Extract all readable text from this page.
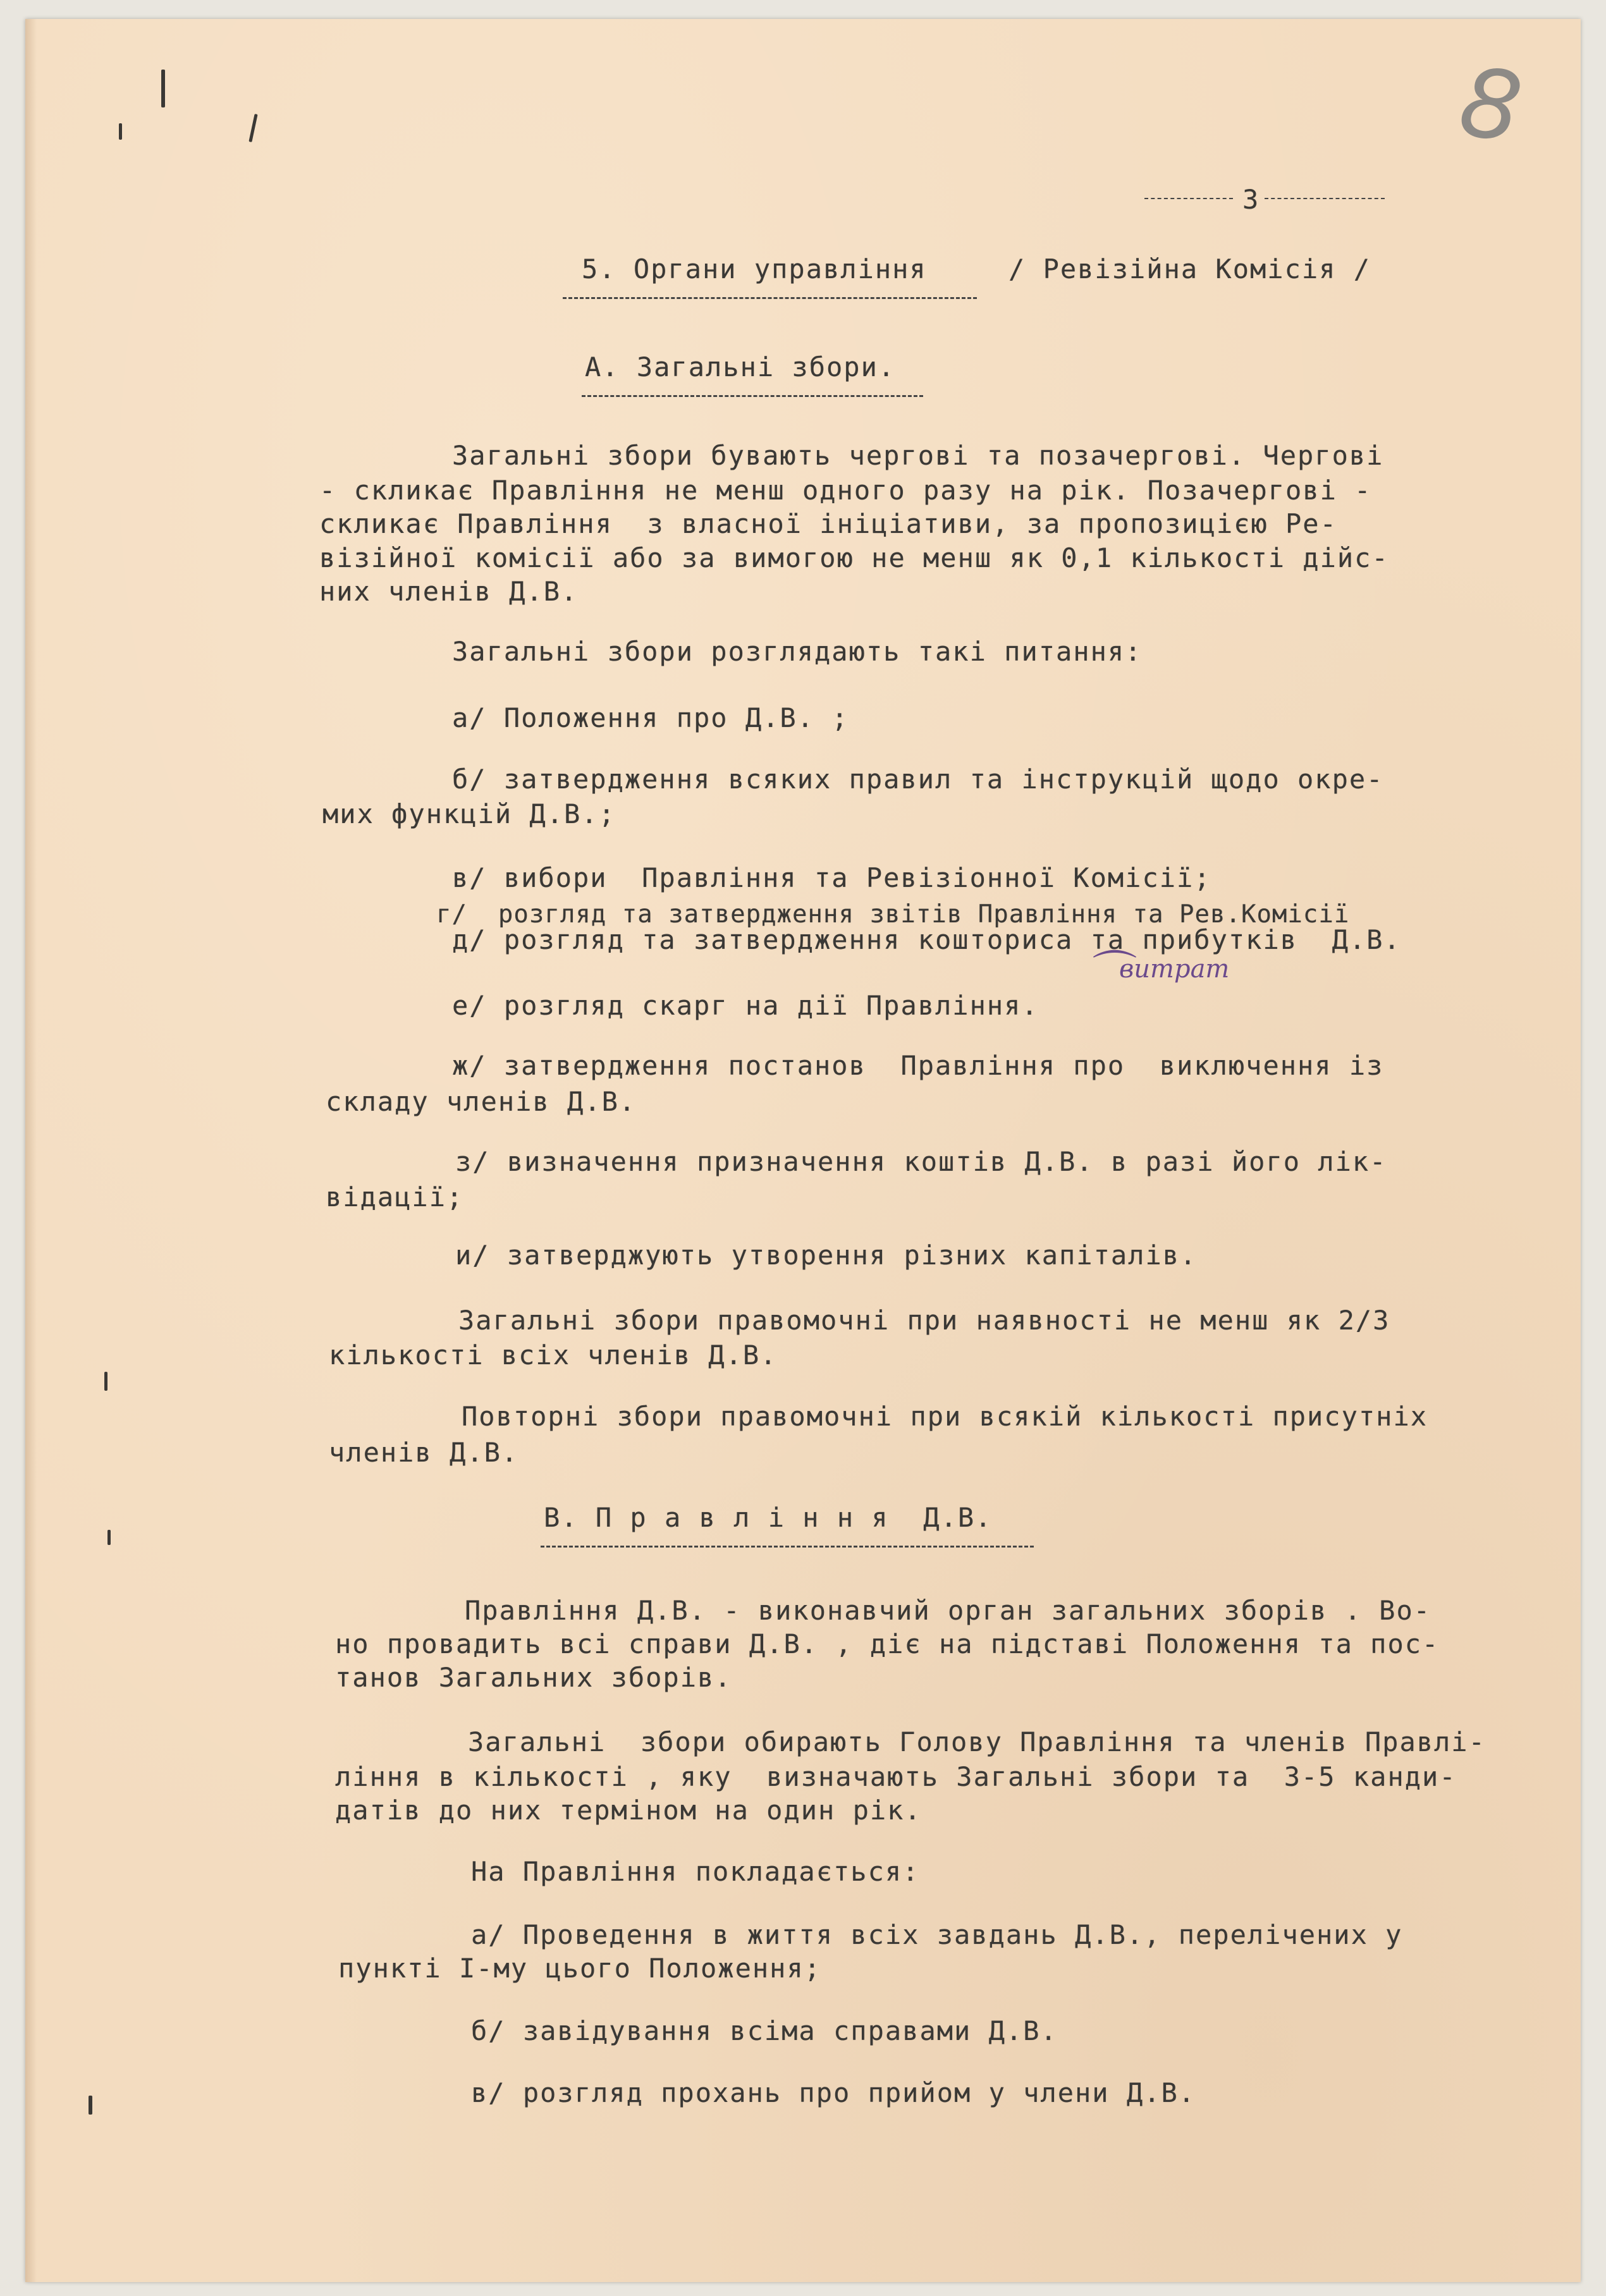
8
3
5. Органи управління	/ Ревізійна Комісія /
А. Загальні збори.
Загальні збори бувають чергові та позачергові. Чергові
- скликає Правління не менш одного разу на рік. Позачергові -
скликає Правління  з власної ініціативи, за пропозицією Ре-
візійної комісії або за вимогою не менш як 0,1 кількості дійс-
них членів Д.В.
Загальні збори розглядають такі питання:
а/ Положення про Д.В. ;
б/ затвердження всяких правил та інструкцій щодо окре-
мих функцій Д.В.;
в/ вибори  Правління та Ревізіонної Комісії;
г/  розгляд та затвердження звітів Правління та Рев.Комісії
д/ розгляд та затвердження кошториса та прибутків  Д.В.
витрат
⌒
е/ розгляд скарг на дії Правління.
ж/ затвердження постанов  Правління про  виключення із
складу членів Д.В.
з/ визначення призначення коштів Д.В. в разі його лік-
відації;
и/ затверджують утворення різних капіталів.
Загальні збори правомочні при наявності не менш як 2/3
кількості всіх членів Д.В.
Повторні збори правомочні при всякій кількості присутніх
членів Д.В.
В. П р а в л і н н я  Д.В.
Правління Д.В. - виконавчий орган загальних зборів . Во-
но провадить всі справи Д.В. , діє на підставі Положення та пос-
танов Загальних зборів.
Загальні  збори обирають Голову Правління та членів Правлі-
ління в кількості , яку  визначають Загальні збори та  3-5 канди-
датів до них терміном на один рік.
На Правління покладається:
а/ Проведення в життя всіх завдань Д.В., перелічених у
пункті І-му цього Положення;
б/ завідування всіма справами Д.В.
в/ розгляд прохань про прийом у члени Д.В.
